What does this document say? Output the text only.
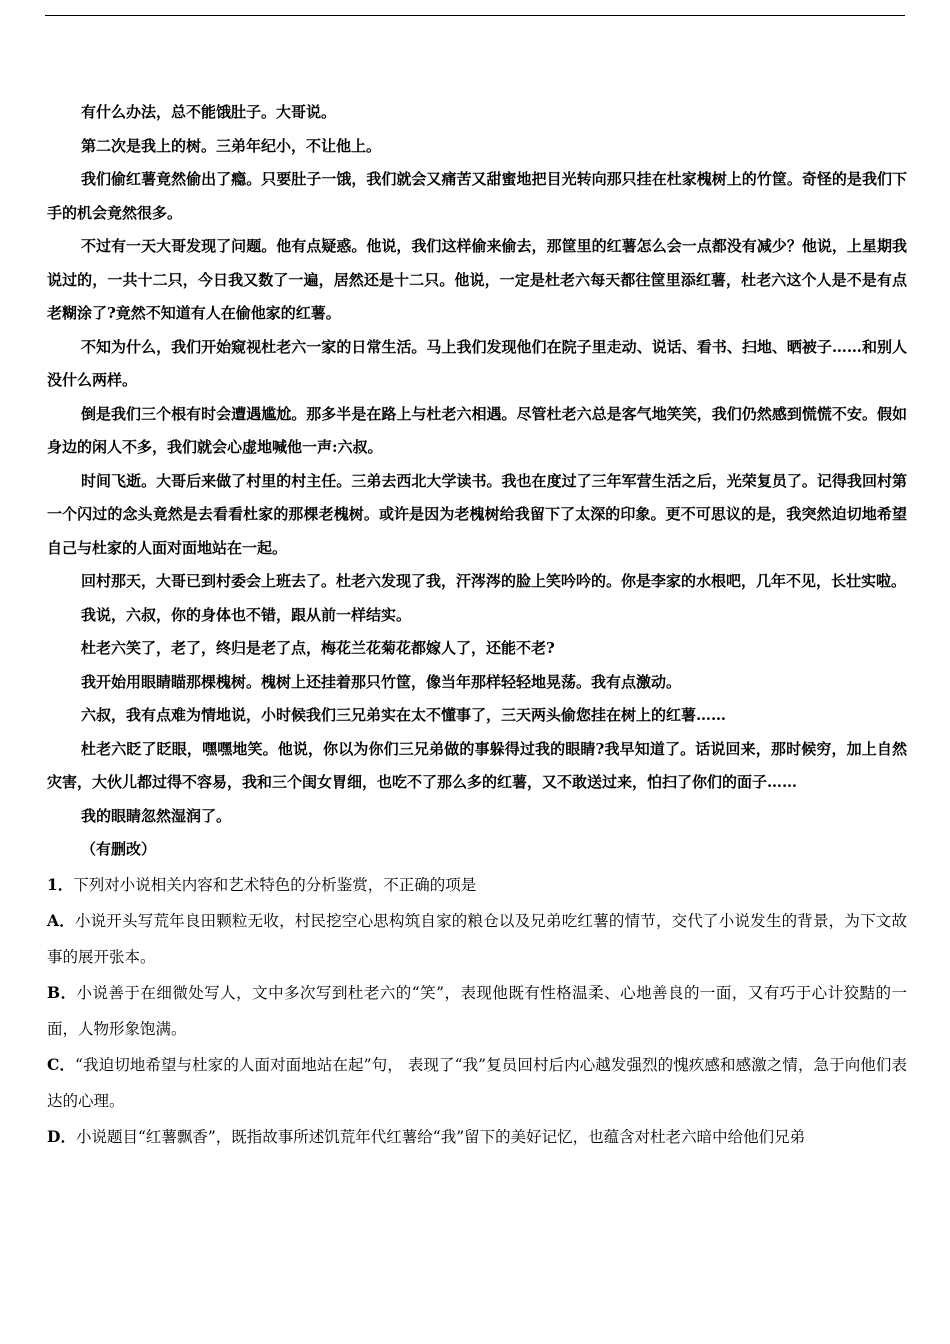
有什么办法，总不能饿肚子。大哥说。

第二次是我上的树。三弟年纪小，不让他上。

我们偷红薯竟然偷出了瘾。只要肚子一饿，我们就会又痛苦又甜蜜地把目光转向那只挂在杜家槐树上的竹筐。奇怪的是我们下手的机会竟然很多。

不过有一天大哥发现了问题。他有点疑惑。他说，我们这样偷来偷去，那筐里的红薯怎么会一点都没有减少？他说，上星期我说过的，一共十二只，今日我又数了一遍，居然还是十二只。他说，一定是杜老六每天都往筐里添红薯，杜老六这个人是不是有点老糊涂了?竟然不知道有人在偷他家的红薯。

不知为什么，我们开始窥视杜老六一家的日常生活。马上我们发现他们在院子里走动、说话、看书、扫地、晒被子……和别人没什么两样。

倒是我们三个根有时会遭遇尴尬。那多半是在路上与杜老六相遇。尽管杜老六总是客气地笑笑，我们仍然感到慌慌不安。假如身边的闲人不多，我们就会心虚地喊他一声:六叔。

时间飞逝。大哥后来做了村里的村主任。三弟去西北大学读书。我也在度过了三年军营生活之后，光荣复员了。记得我回村第一个闪过的念头竟然是去看看杜家的那棵老槐树。或许是因为老槐树给我留下了太深的印象。更不可思议的是，我突然迫切地希望自己与杜家的人面对面地站在一起。

回村那天，大哥已到村委会上班去了。杜老六发现了我，汗涔涔的脸上笑吟吟的。你是李家的水根吧，几年不见，长壮实啦。

我说，六叔，你的身体也不错，跟从前一样结实。

杜老六笑了，老了，终归是老了点，梅花兰花菊花都嫁人了，还能不老?

我开始用眼睛瞄那棵槐树。槐树上还挂着那只竹筐，像当年那样轻轻地晃荡。我有点激动。

六叔，我有点难为情地说，小时候我们三兄弟实在太不懂事了，三天两头偷您挂在树上的红薯……

杜老六眨了眨眼，嘿嘿地笑。他说，你以为你们三兄弟做的事躲得过我的眼睛?我早知道了。话说回来，那时候穷，加上自然灾害，大伙儿都过得不容易，我和三个闺女胃细，也吃不了那么多的红薯，又不敢送过来，怕扫了你们的面子……

我的眼睛忽然湿润了。

（有删改）

1．下列对小说相关内容和艺术特色的分析鉴赏，不正确的项是

A．小说开头写荒年良田颗粒无收，村民挖空心思构筑自家的粮仓以及兄弟吃红薯的情节，交代了小说发生的背景，为下文故事的展开张本。

B．小说善于在细微处写人，文中多次写到杜老六的“笑”，表现他既有性格温柔、心地善良的一面，又有巧于心计狡黠的一面，人物形象饱满。

C．“我迫切地希望与杜家的人面对面地站在起”句， 表现了“我”复员回村后内心越发强烈的愧疚感和感激之情，急于向他们表达的心理。

D．小说题目“红薯飘香”，既指故事所述饥荒年代红薯给“我”留下的美好记忆，也蕴含对杜老六暗中给他们兄弟
